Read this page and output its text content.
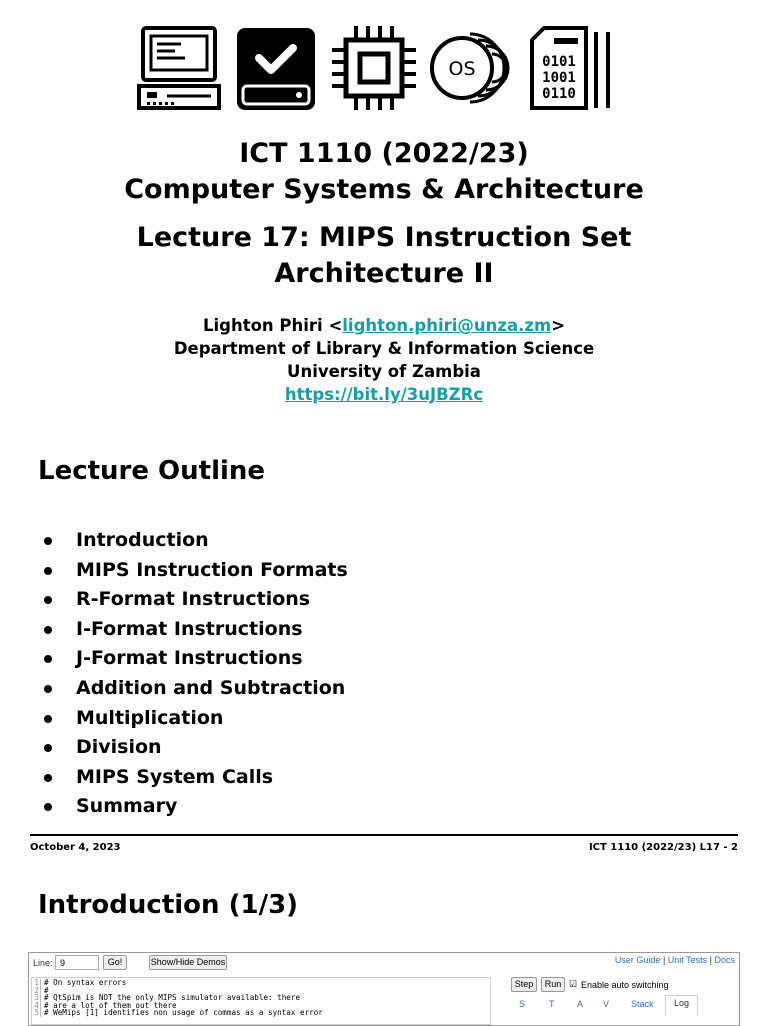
OS	0101
1001
0110
ICT 1110 (2022/23)
Computer Systems & Architecture
Lecture 17: MIPS Instruction Set
Architecture II
Lighton Phiri <lighton.phiri@unza.zm>
Department of Library & Information Science
University of Zambia
https://bit.ly/3uJBZRc
Lecture Outline
Introduction
MIPS Instruction Formats
R-Format Instructions
I-Format Instructions
J-Format Instructions
Addition and Subtraction
Multiplication
Division
MIPS System Calls
Summary
October 4, 2023	ICT 1110 (2022/23) L17 - 2
Introduction (1/3)
Line: 9	Go!	Show/Hide Demos	User Guide | Unit Tests | Docs
1 # On syntax errors
2 #
3 # QtSpim is NOT the only MIPS simulator available: there
4 # are a lot of them out there
5 # WeMips [1] identifies non usage of commas as a syntax error
Step	Run ☑ Enable auto switching
S	T	A V Stack	Log
